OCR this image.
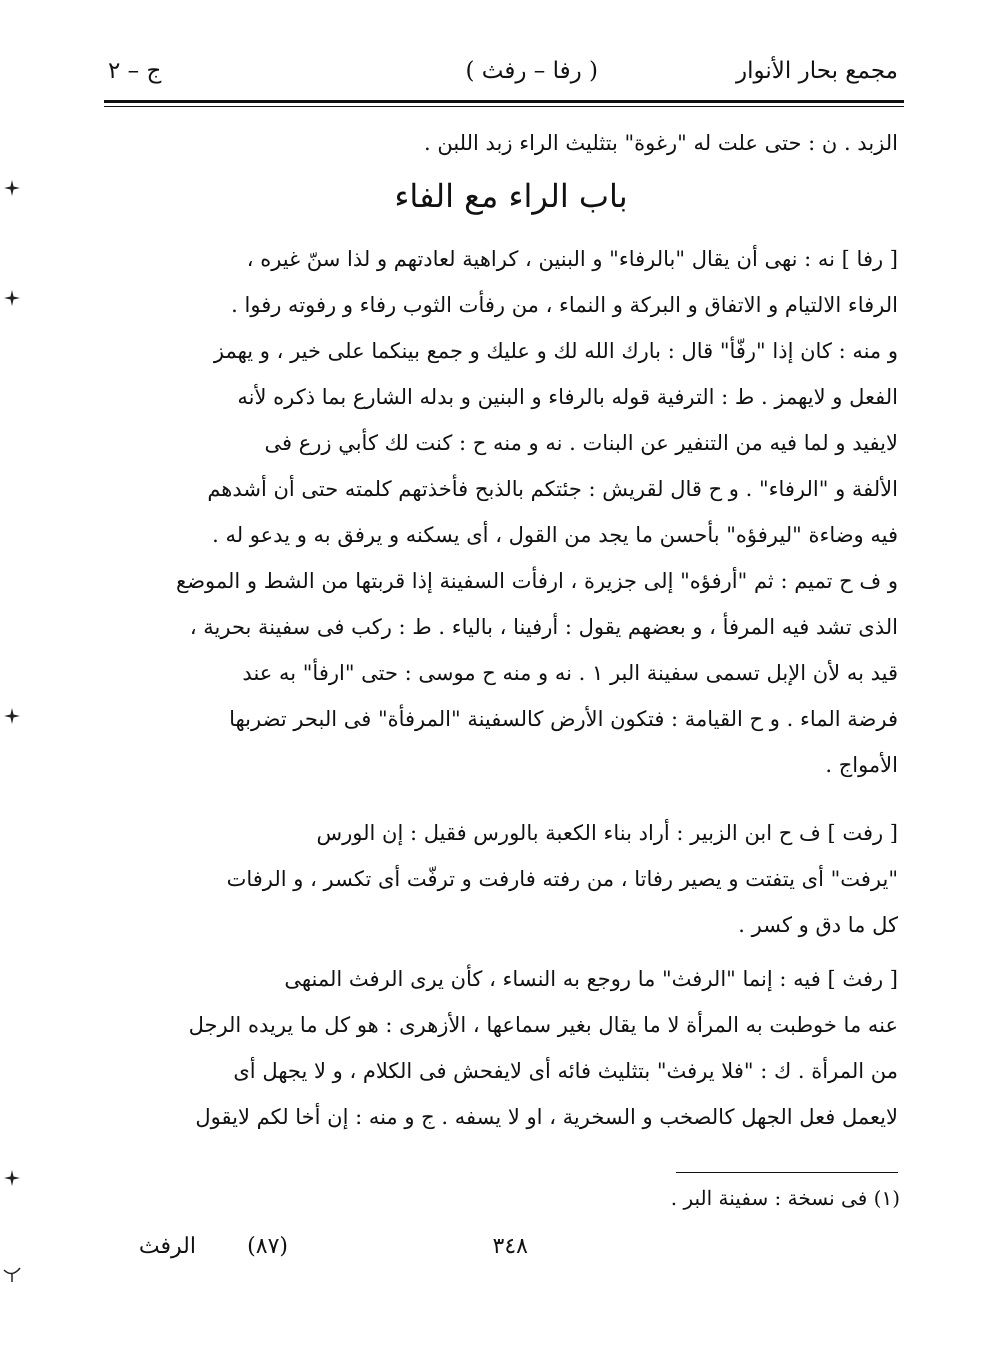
مجمع بحار الأنوار
( رفا – رفث )
ج – ٢
الزبد . ن : حتى علت له "رغوة" بتثليث الراء زبد اللبن .
باب الراء مع الفاء
[ رفا ] نه : نهى أن يقال "بالرفاء" و البنين ، كراهية لعادتهم و لذا سنّ غيره ،
الرفاء الالتيام و الاتفاق و البركة و النماء ، من رفأت الثوب رفاء و رفوته رفوا .
و منه : كان إذا "رفّأ" قال : بارك الله لك و عليك و جمع بينكما على خير ، و يهمز
الفعل و لايهمز . ط : الترفية قوله بالرفاء و البنين و بدله الشارع بما ذكره لأنه
لايفيد و لما فيه من التنفير عن البنات . نه و منه ح : كنت لك كأبي زرع فى
الألفة و "الرفاء" . و ح قال لقريش : جئتكم بالذبح فأخذتهم كلمته حتى أن أشدهم
فيه وضاءة "ليرفؤه" بأحسن ما يجد من القول ، أى يسكنه و يرفق به و يدعو له .
و ف ح تميم : ثم "أرفؤه" إلى جزيرة ، ارفأت السفينة إذا قربتها من الشط و الموضع
الذى تشد فيه المرفأ ، و بعضهم يقول : أرفينا ، بالياء . ط : ركب فى سفينة بحرية ،
قيد به لأن الإبل تسمى سفينة البر ١ . نه و منه ح موسى : حتى "ارفأ" به عند
فرضة الماء . و ح القيامة : فتكون الأرض كالسفينة "المرفأة" فى البحر تضربها
الأمواج .
[ رفت ] ف ح ابن الزبير : أراد بناء الكعبة بالورس فقيل : إن الورس
"يرفت" أى يتفتت و يصير رفاتا ، من رفته فارفت و ترفّت أى تكسر ، و الرفات
كل ما دق و كسر .
[ رفث ] فيه : إنما "الرفث" ما روجع به النساء ، كأن يرى الرفث المنهى
عنه ما خوطبت به المرأة لا ما يقال بغير سماعها ، الأزهرى : هو كل ما يريده الرجل
من المرأة . ك : "فلا يرفث" بتثليث فائه أى لايفحش فى الكلام ، و لا يجهل أى
لايعمل فعل الجهل كالصخب و السخرية ، او لا يسفه . ج و منه : إن أخا لكم لايقول
(١) فى نسخة : سفينة البر .
٣٤٨
(٨٧)
الرفث
